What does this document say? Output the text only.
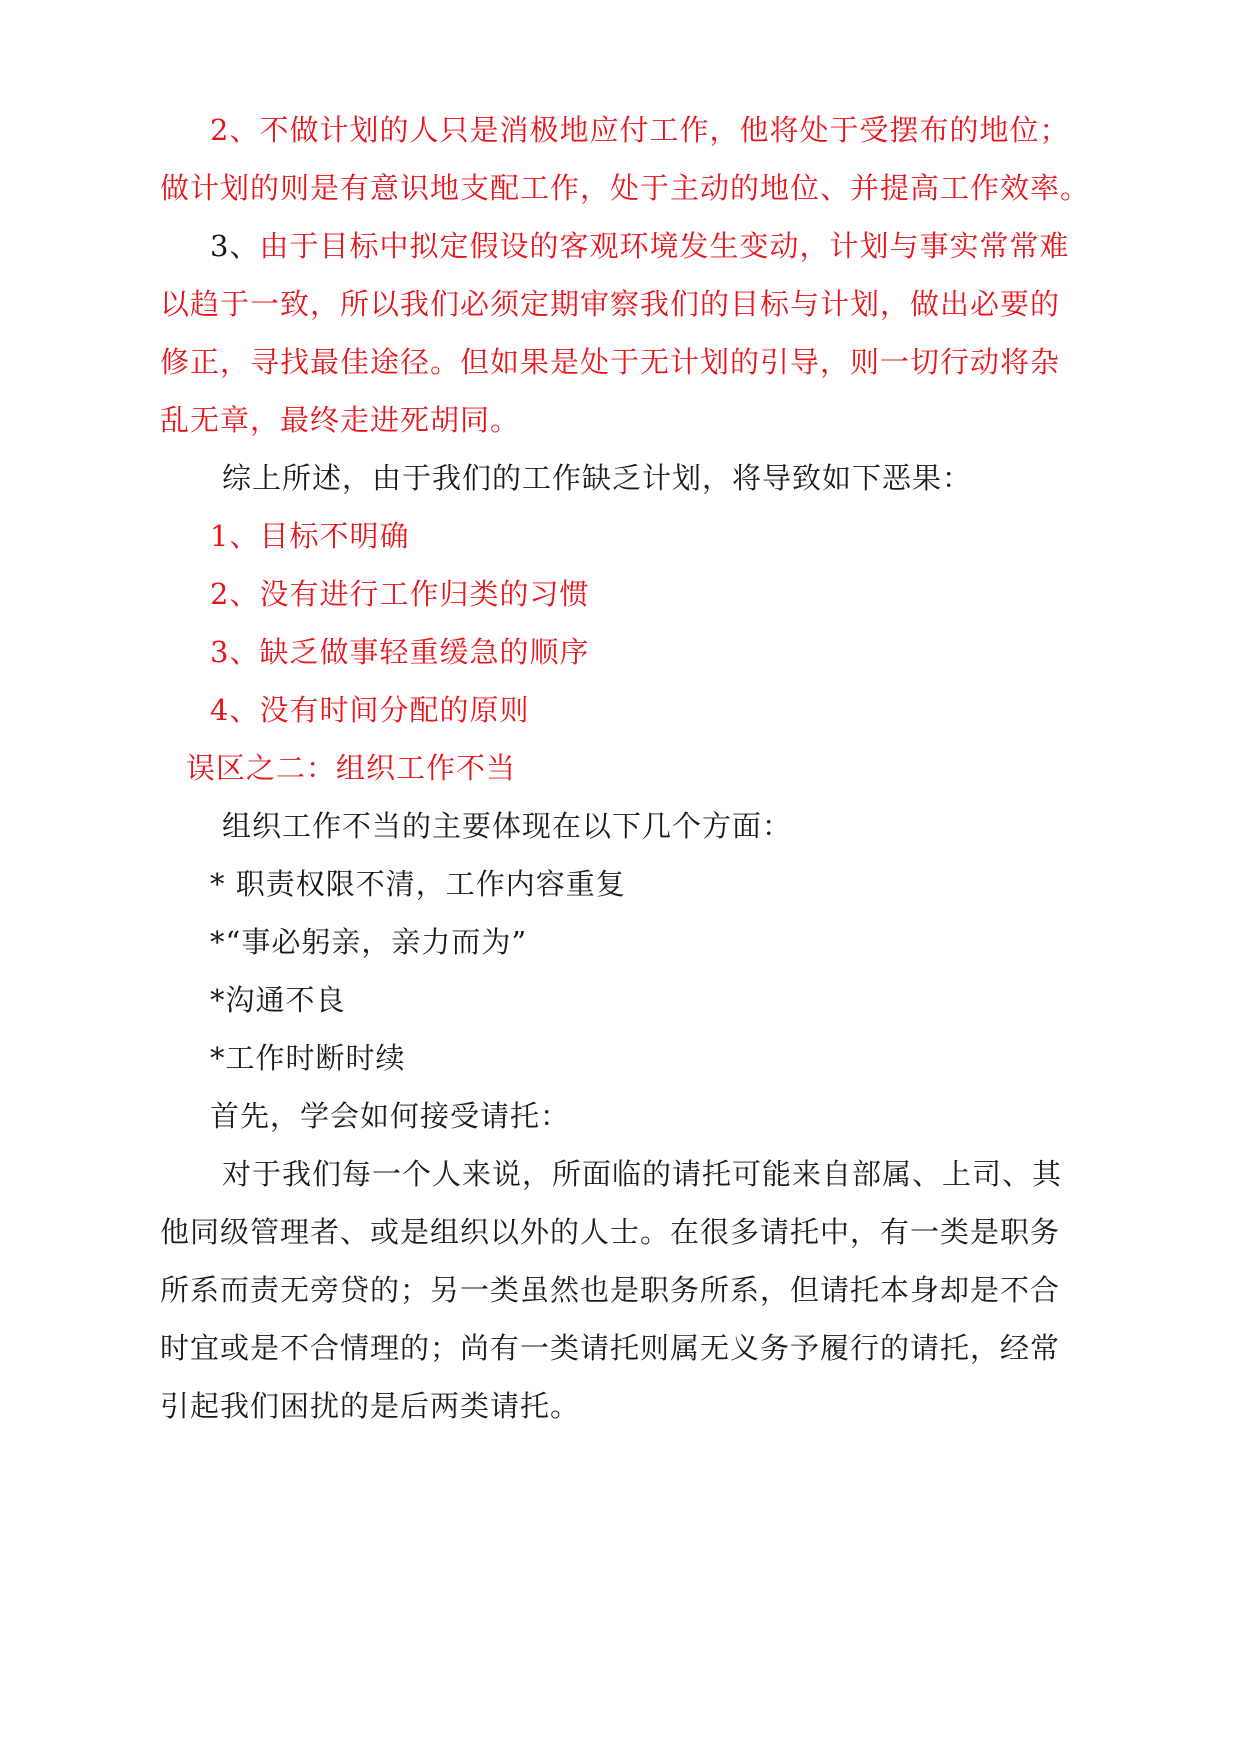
2、不做计划的人只是消极地应付工作，他将处于受摆布的地位；
做计划的则是有意识地支配工作，处于主动的地位、并提高工作效率。
3、由于目标中拟定假设的客观环境发生变动，计划与事实常常难
以趋于一致，所以我们必须定期审察我们的目标与计划，做出必要的
修正，寻找最佳途径。但如果是处于无计划的引导，则一切行动将杂
乱无章，最终走进死胡同。
综上所述，由于我们的工作缺乏计划，将导致如下恶果：
1、目标不明确
2、没有进行工作归类的习惯
3、缺乏做事轻重缓急的顺序
4、没有时间分配的原则
误区之二：组织工作不当
组织工作不当的主要体现在以下几个方面：
* 职责权限不清，工作内容重复
*“事必躬亲，亲力而为”
*沟通不良
*工作时断时续
首先，学会如何接受请托：
对于我们每一个人来说，所面临的请托可能来自部属、上司、其
他同级管理者、或是组织以外的人士。在很多请托中，有一类是职务
所系而责无旁贷的；另一类虽然也是职务所系，但请托本身却是不合
时宜或是不合情理的；尚有一类请托则属无义务予履行的请托，经常
引起我们困扰的是后两类请托。
